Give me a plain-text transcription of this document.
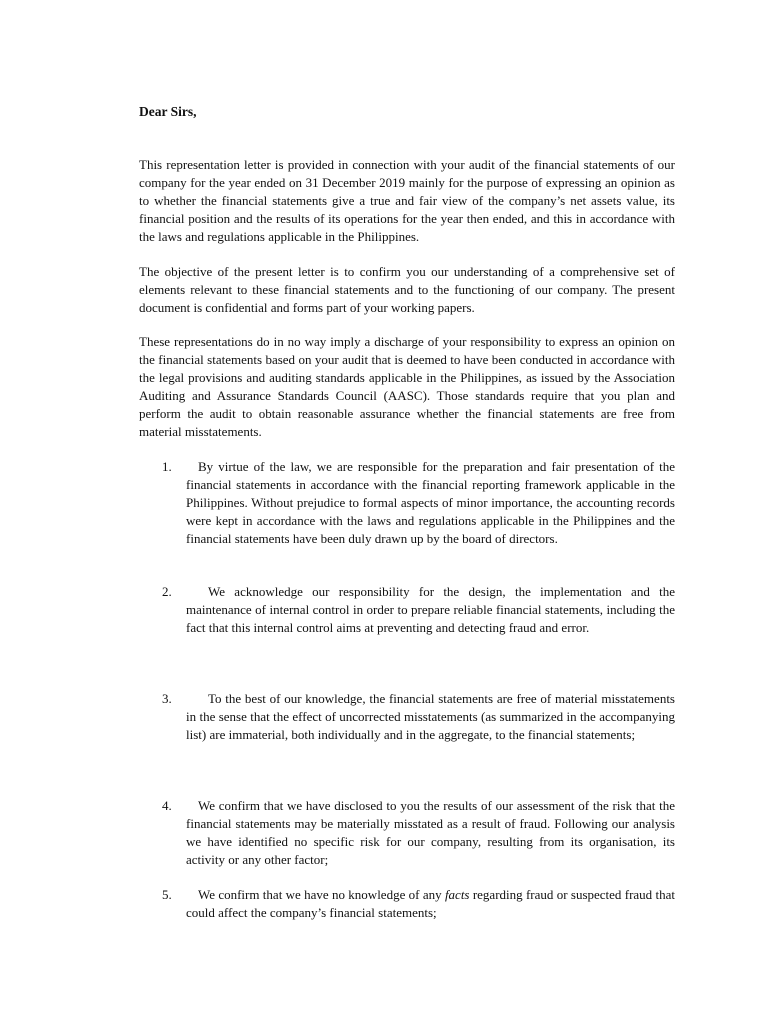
Dear Sirs,

This representation letter is provided in connection with your audit of the financial statements of our company for the year ended on 31 December 2019 mainly for the purpose of expressing an opinion as to whether the financial statements give a true and fair view of the company’s net assets value, its financial position and the results of its operations for the year then ended, and this in accordance with the laws and regulations applicable in the Philippines.

The objective of the present letter is to confirm you our understanding of a comprehensive set of elements relevant to these financial statements and to the functioning of our company. The present document is confidential and forms part of your working papers.

These representations do in no way imply a discharge of your responsibility to express an opinion on the financial statements based on your audit that is deemed to have been conducted in accordance with the legal provisions and auditing standards applicable in the Philippines, as issued by the Association Auditing and Assurance Standards Council (AASC). Those standards require that you plan and perform the audit to obtain reasonable assurance whether the financial statements are free from material misstatements.

1.	By virtue of the law, we are responsible for the preparation and fair presentation of the financial statements in accordance with the financial reporting framework applicable in the Philippines. Without prejudice to formal aspects of minor importance, the accounting records were kept in accordance with the laws and regulations applicable in the Philippines and the financial statements have been duly drawn up by the board of directors.

2.	We acknowledge our responsibility for the design, the implementation and the maintenance of internal control in order to prepare reliable financial statements, including the fact that this internal control aims at preventing and detecting fraud and error.

3.	To the best of our knowledge, the financial statements are free of material misstatements in the sense that the effect of uncorrected misstatements (as summarized in the accompanying list) are immaterial, both individually and in the aggregate, to the financial statements;

4.	We confirm that we have disclosed to you the results of our assessment of the risk that the financial statements may be materially misstated as a result of fraud. Following our analysis we have identified no specific risk for our company, resulting from its organisation, its activity or any other factor;

5.	We confirm that we have no knowledge of any facts regarding fraud or suspected fraud that could affect the company’s financial statements;
